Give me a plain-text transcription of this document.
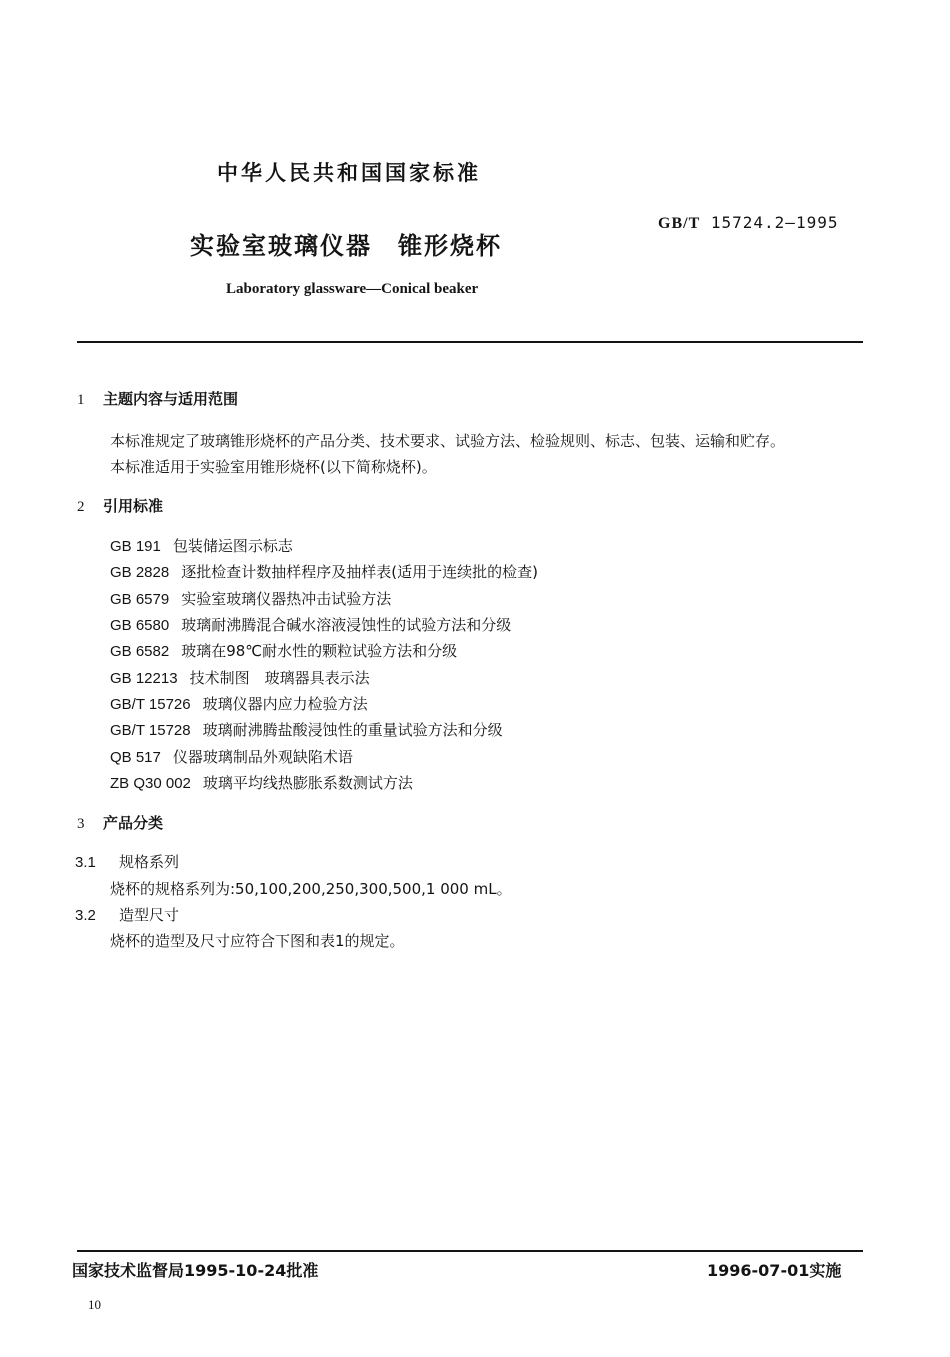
中华人民共和国国家标准
GB/T 15724.2—1995
实验室玻璃仪器　锥形烧杯
Laboratory glassware—Conical beaker
1 主题内容与适用范围
本标准规定了玻璃锥形烧杯的产品分类、技术要求、试验方法、检验规则、标志、包装、运输和贮存。
本标准适用于实验室用锥形烧杯(以下简称烧杯)。
2 引用标准
GB 191 包装储运图示标志
GB 2828 逐批检查计数抽样程序及抽样表(适用于连续批的检查)
GB 6579 实验室玻璃仪器热冲击试验方法
GB 6580 玻璃耐沸腾混合碱水溶液浸蚀性的试验方法和分级
GB 6582 玻璃在98℃耐水性的颗粒试验方法和分级
GB 12213 技术制图　玻璃器具表示法
GB/T 15726 玻璃仪器内应力检验方法
GB/T 15728 玻璃耐沸腾盐酸浸蚀性的重量试验方法和分级
QB 517 仪器玻璃制品外观缺陷术语
ZB Q30 002 玻璃平均线热膨胀系数测试方法
3 产品分类
3.1 规格系列
烧杯的规格系列为:50,100,200,250,300,500,1 000 mL。
3.2 造型尺寸
烧杯的造型及尺寸应符合下图和表1的规定。
国家技术监督局1995-10-24批准	1996-07-01实施
10
